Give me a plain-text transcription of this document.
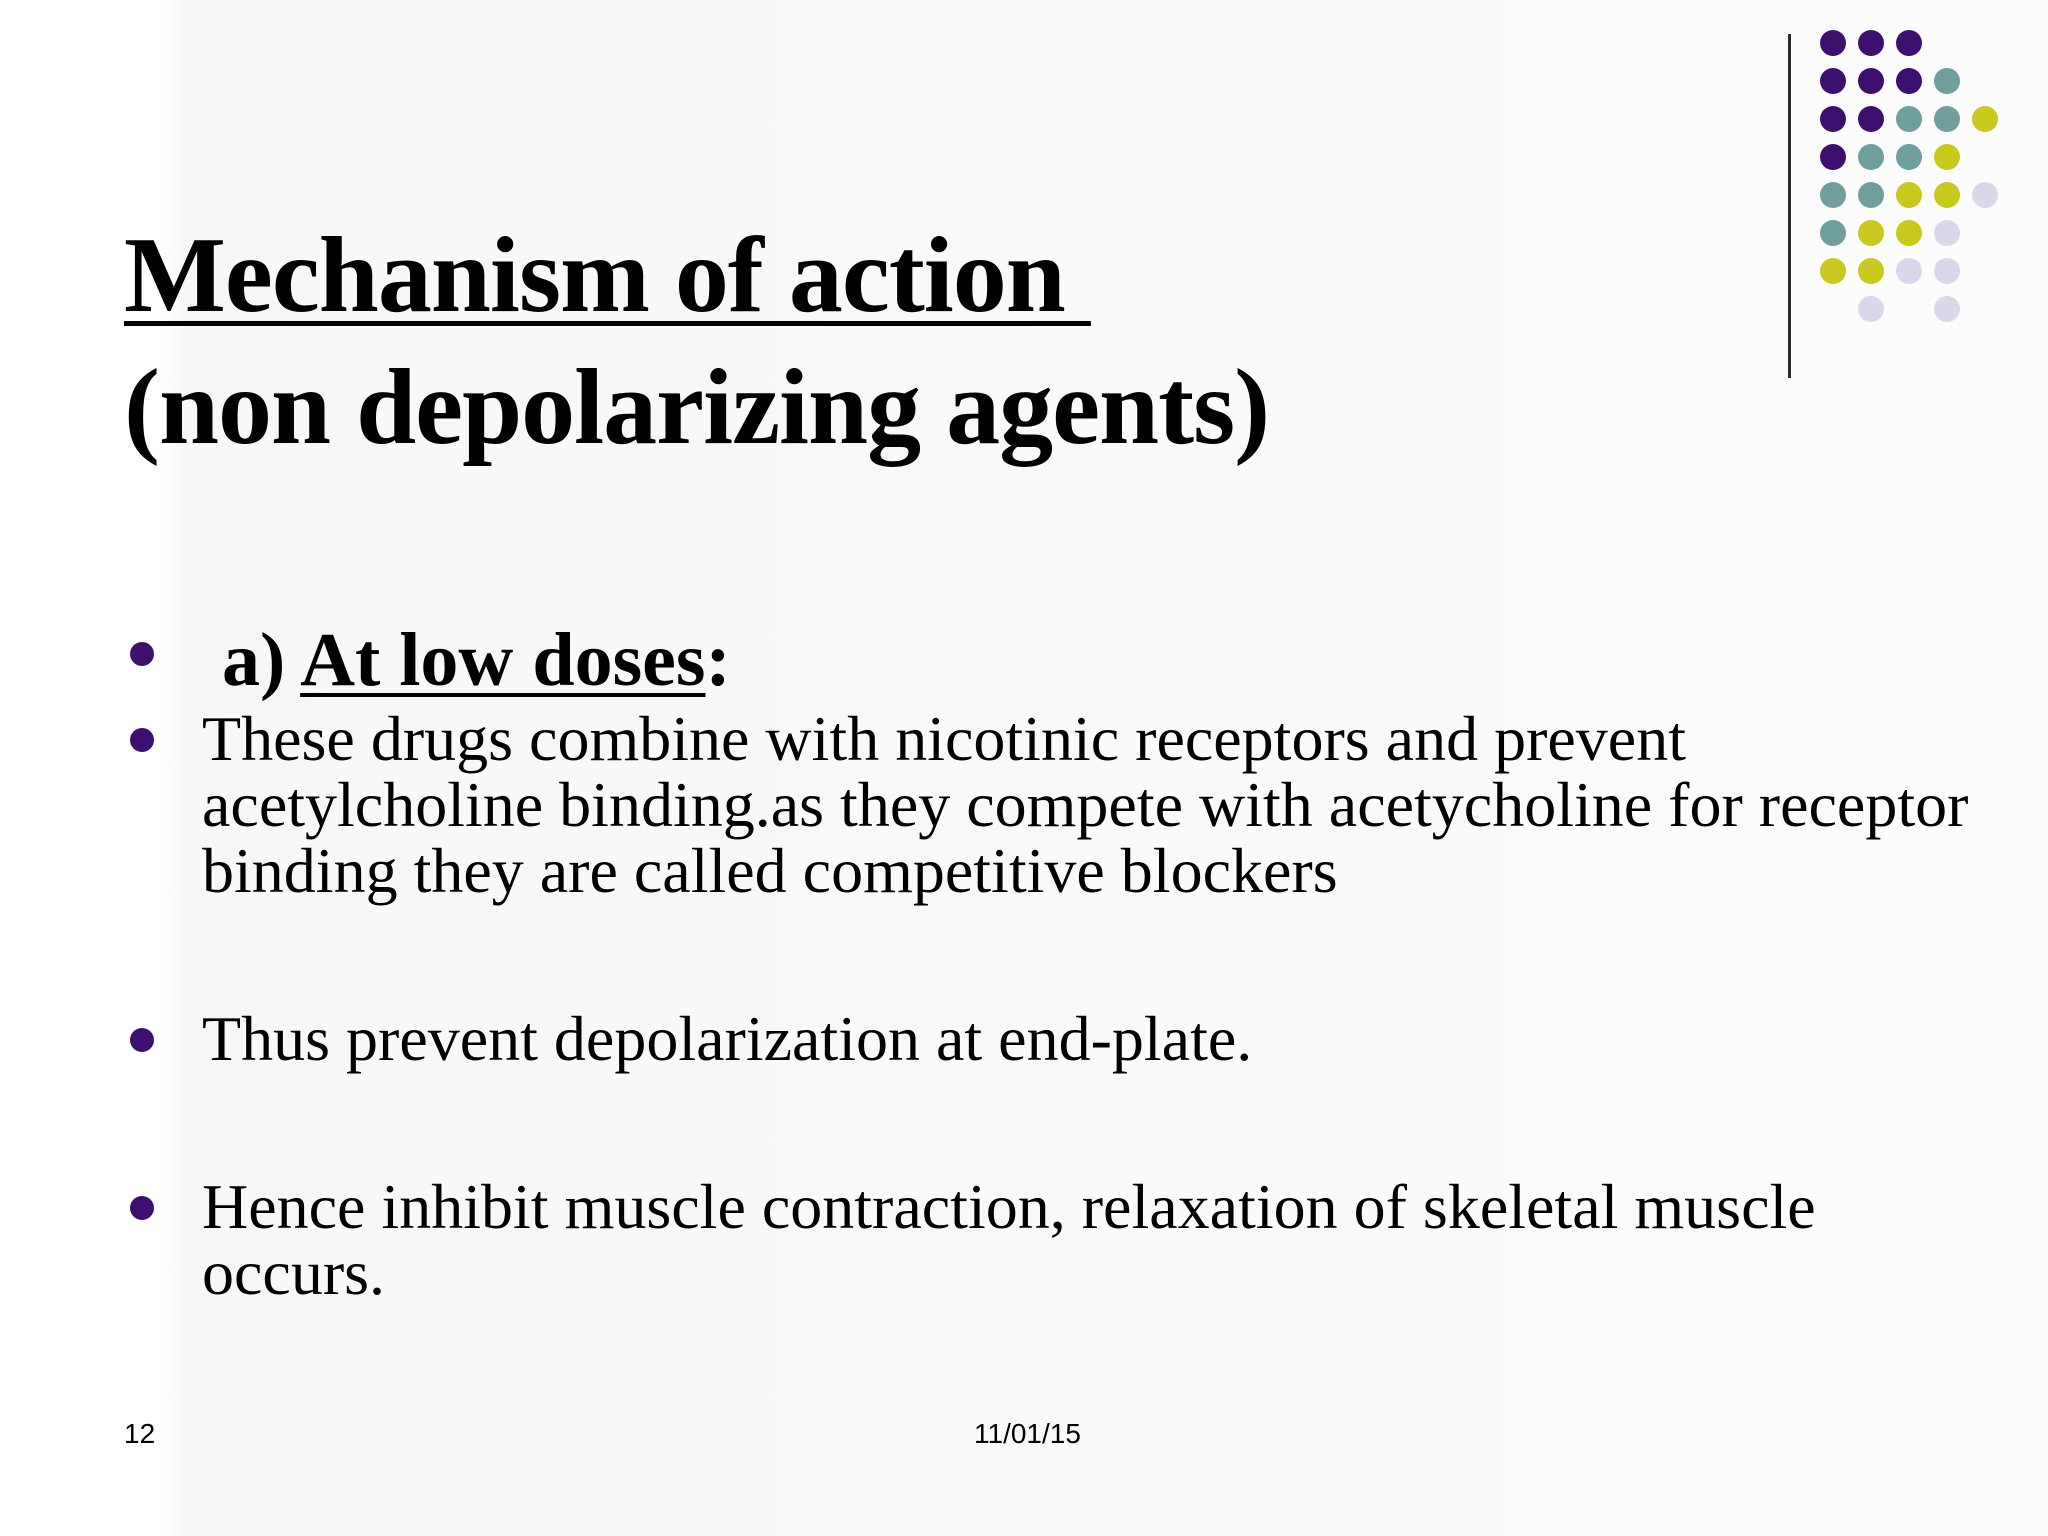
Mechanism of action
(non depolarizing agents)
a) At low doses:
These drugs combine with nicotinic receptors and prevent acetylcholine binding.as they compete with acetycholine for receptor binding they are called competitive blockers
Thus prevent depolarization at end-plate.
Hence inhibit muscle contraction, relaxation of skeletal muscle occurs.
12	11/01/15
